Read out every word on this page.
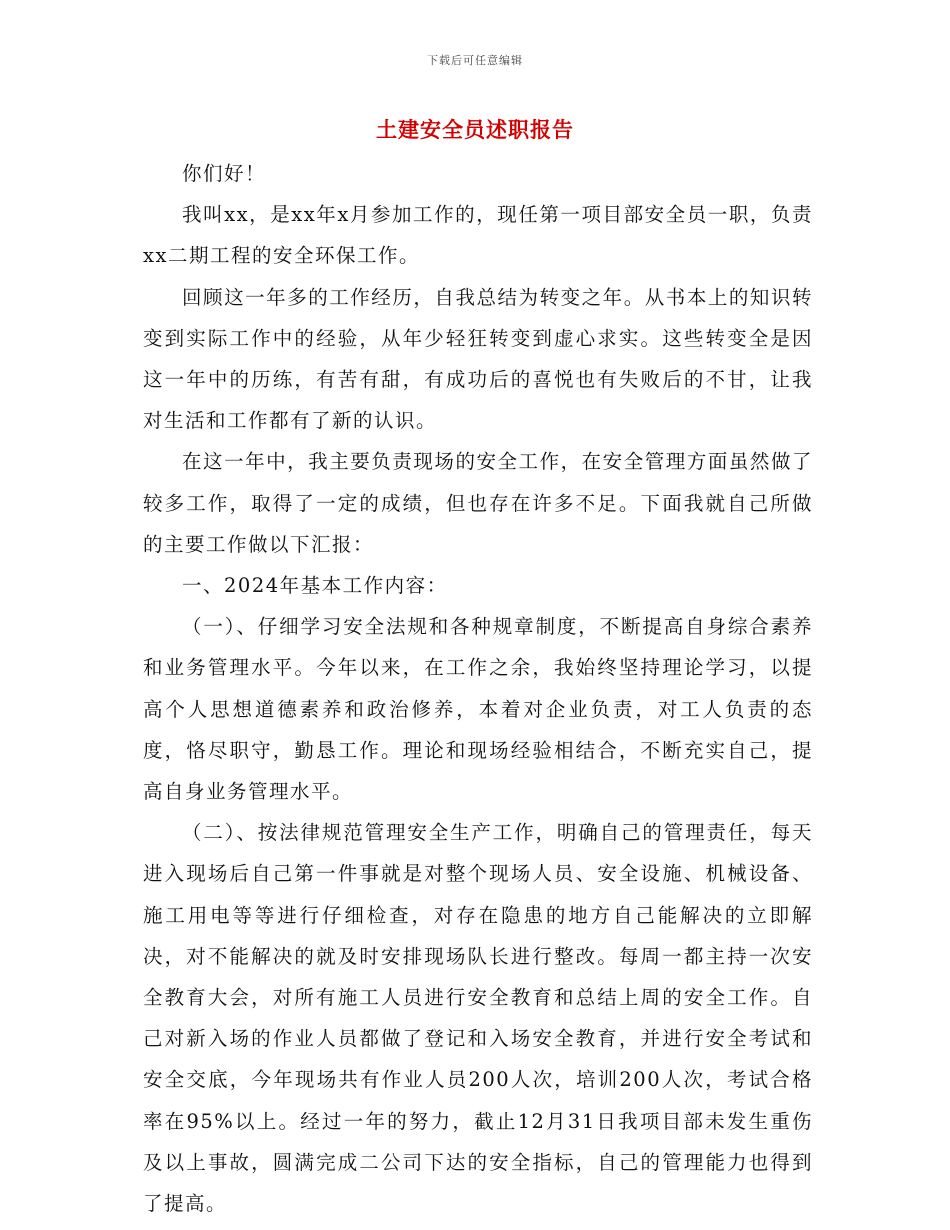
下载后可任意编辑
土建安全员述职报告

你们好！

我叫xx，是xx年x月参加工作的，现任第一项目部安全员一职，负责xx二期工程的安全环保工作。

回顾这一年多的工作经历，自我总结为转变之年。从书本上的知识转变到实际工作中的经验，从年少轻狂转变到虚心求实。这些转变全是因这一年中的历练，有苦有甜，有成功后的喜悦也有失败后的不甘，让我对生活和工作都有了新的认识。

在这一年中，我主要负责现场的安全工作，在安全管理方面虽然做了较多工作，取得了一定的成绩，但也存在许多不足。下面我就自己所做的主要工作做以下汇报：

一、2024年基本工作内容：

（一）、仔细学习安全法规和各种规章制度，不断提高自身综合素养和业务管理水平。今年以来，在工作之余，我始终坚持理论学习，以提高个人思想道德素养和政治修养，本着对企业负责，对工人负责的态度，恪尽职守，勤恳工作。理论和现场经验相结合，不断充实自己，提高自身业务管理水平。

（二）、按法律规范管理安全生产工作，明确自己的管理责任，每天进入现场后自己第一件事就是对整个现场人员、安全设施、机械设备、施工用电等等进行仔细检查，对存在隐患的地方自己能解决的立即解决，对不能解决的就及时安排现场队长进行整改。每周一都主持一次安全教育大会，对所有施工人员进行安全教育和总结上周的安全工作。自己对新入场的作业人员都做了登记和入场安全教育，并进行安全考试和安全交底，今年现场共有作业人员200人次，培训200人次，考试合格率在95%以上。经过一年的努力，截止12月31日我项目部未发生重伤及以上事故，圆满完成二公司下达的安全指标，自己的管理能力也得到了提高。
